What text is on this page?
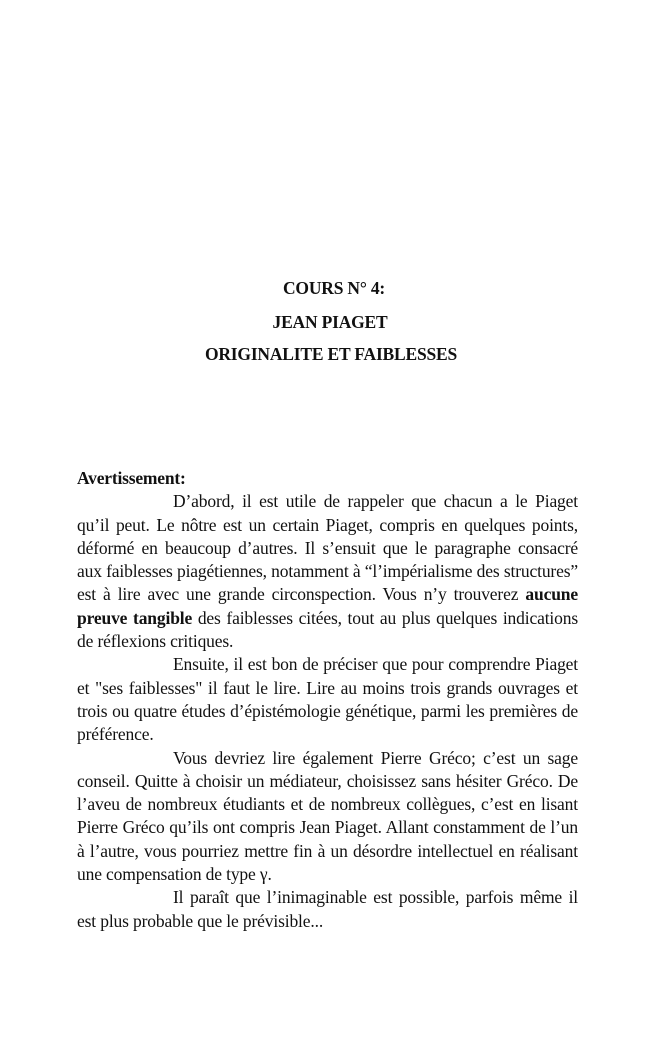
COURS N° 4:

JEAN PIAGET

ORIGINALITE ET FAIBLESSES

Avertissement:

D’abord, il est utile de rappeler que chacun a le Piaget qu’il peut. Le nôtre est un certain Piaget, compris en quelques points, déformé en beaucoup d’autres. Il s’ensuit que le paragraphe consacré aux faiblesses piagétiennes, notamment à “l’impérialisme des structures” est à lire avec une grande circonspection. Vous n’y trouverez aucune preuve tangible des faiblesses citées, tout au plus quelques indications de réflexions critiques.

Ensuite, il est bon de préciser que pour comprendre Piaget et "ses faiblesses" il faut le lire. Lire au moins trois grands ouvrages et trois ou quatre études d’épistémologie génétique, parmi les premières de préférence.

Vous devriez lire également Pierre Gréco; c’est un sage conseil. Quitte à choisir un médiateur, choisissez sans hésiter Gréco. De l’aveu de nombreux étudiants et de nombreux collègues, c’est en lisant Pierre Gréco qu’ils ont compris Jean Piaget. Allant constamment de l’un à l’autre, vous pourriez mettre fin à un désordre intellectuel en réalisant une compensation de type γ.

Il paraît que l’inimaginable est possible, parfois même il est plus probable que le prévisible...
